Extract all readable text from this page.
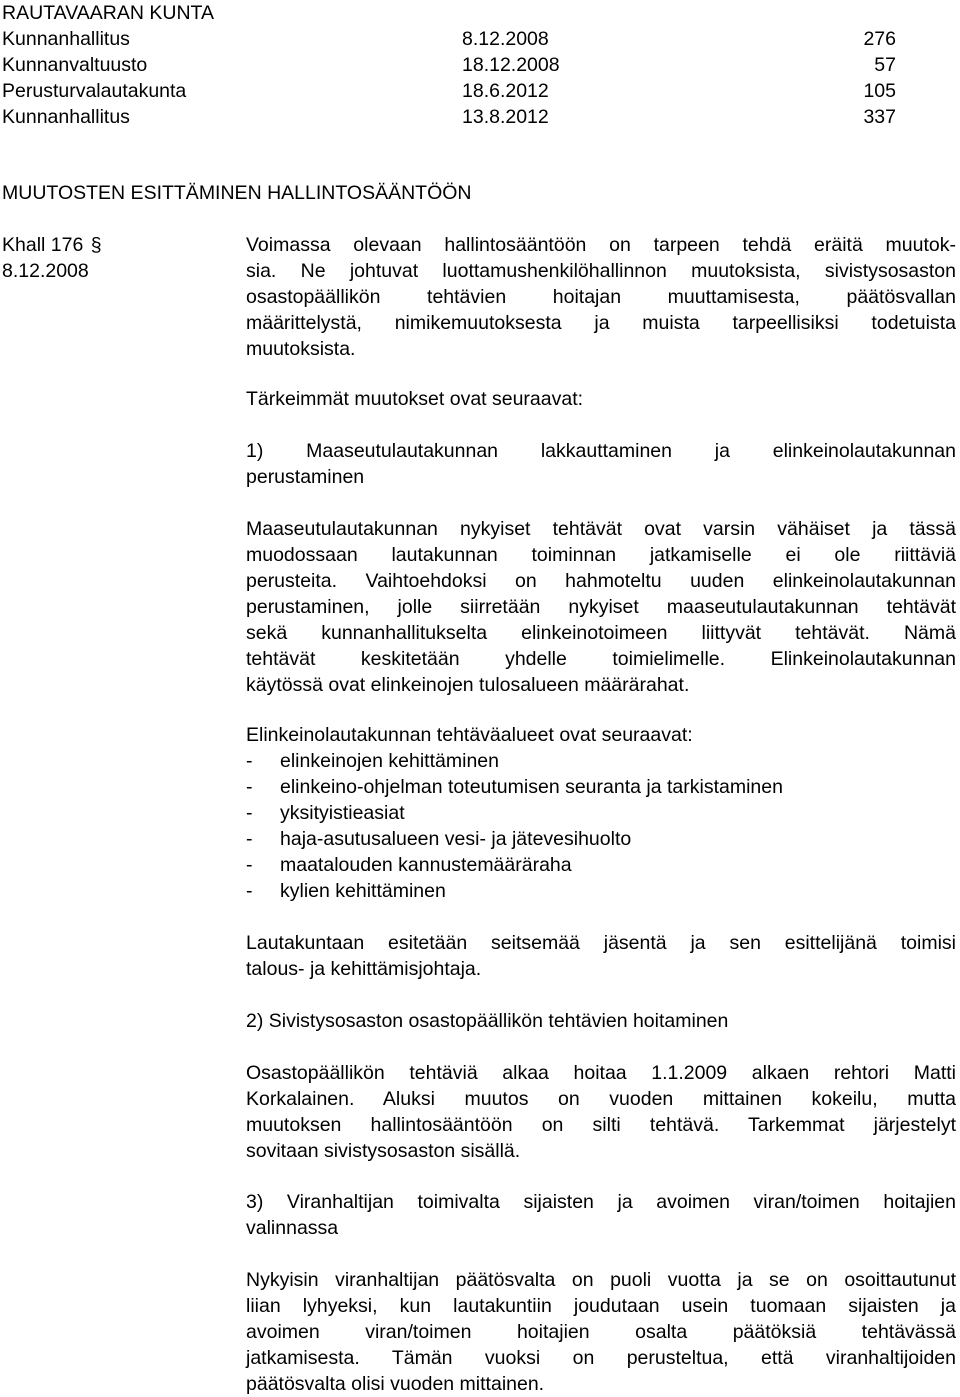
RAUTAVAARAN KUNTA
Kunnanhallitus	8.12.2008	276
Kunnanvaltuusto	18.12.2008	57
Perusturvalautakunta	18.6.2012	105
Kunnanhallitus	13.8.2012	337
MUUTOSTEN ESITTÄMINEN HALLINTOSÄÄNTÖÖN
Khall 176 §
8.12.2008
Voimassa olevaan hallintosääntöön on tarpeen tehdä eräitä muutok-
sia. Ne johtuvat luottamushenkilöhallinnon muutoksista, sivistysosaston
osastopäällikön tehtävien hoitajan muuttamisesta, päätösvallan
määrittelystä, nimikemuutoksesta ja muista tarpeellisiksi todetuista
muutoksista.
Tärkeimmät muutokset ovat seuraavat:
1) Maaseutulautakunnan lakkauttaminen ja elinkeinolautakunnan
perustaminen
Maaseutulautakunnan nykyiset tehtävät ovat varsin vähäiset ja tässä
muodossaan lautakunnan toiminnan jatkamiselle ei ole riittäviä
perusteita. Vaihtoehdoksi on hahmoteltu uuden elinkeinolautakunnan
perustaminen, jolle siirretään nykyiset maaseutulautakunnan tehtävät
sekä kunnanhallitukselta elinkeinotoimeen liittyvät tehtävät. Nämä
tehtävät keskitetään yhdelle toimielimelle. Elinkeinolautakunnan
käytössä ovat elinkeinojen tulosalueen määrärahat.
Elinkeinolautakunnan tehtäväalueet ovat seuraavat:
- elinkeinojen kehittäminen
- elinkeino-ohjelman toteutumisen seuranta ja tarkistaminen
- yksityistieasiat
- haja-asutusalueen vesi- ja jätevesihuolto
- maatalouden kannustemääräraha
- kylien kehittäminen
Lautakuntaan esitetään seitsemää jäsentä ja sen esittelijänä toimisi
talous- ja kehittämisjohtaja.
2) Sivistysosaston osastopäällikön tehtävien hoitaminen
Osastopäällikön tehtäviä alkaa hoitaa 1.1.2009 alkaen rehtori Matti
Korkalainen. Aluksi muutos on vuoden mittainen kokeilu, mutta
muutoksen hallintosääntöön on silti tehtävä. Tarkemmat järjestelyt
sovitaan sivistysosaston sisällä.
3) Viranhaltijan toimivalta sijaisten ja avoimen viran/toimen hoitajien
valinnassa
Nykyisin viranhaltijan päätösvalta on puoli vuotta ja se on osoittautunut
liian lyhyeksi, kun lautakuntiin joudutaan usein tuomaan sijaisten ja
avoimen viran/toimen hoitajien osalta päätöksiä tehtävässä
jatkamisesta. Tämän vuoksi on perusteltua, että viranhaltijoiden
päätösvalta olisi vuoden mittainen.
